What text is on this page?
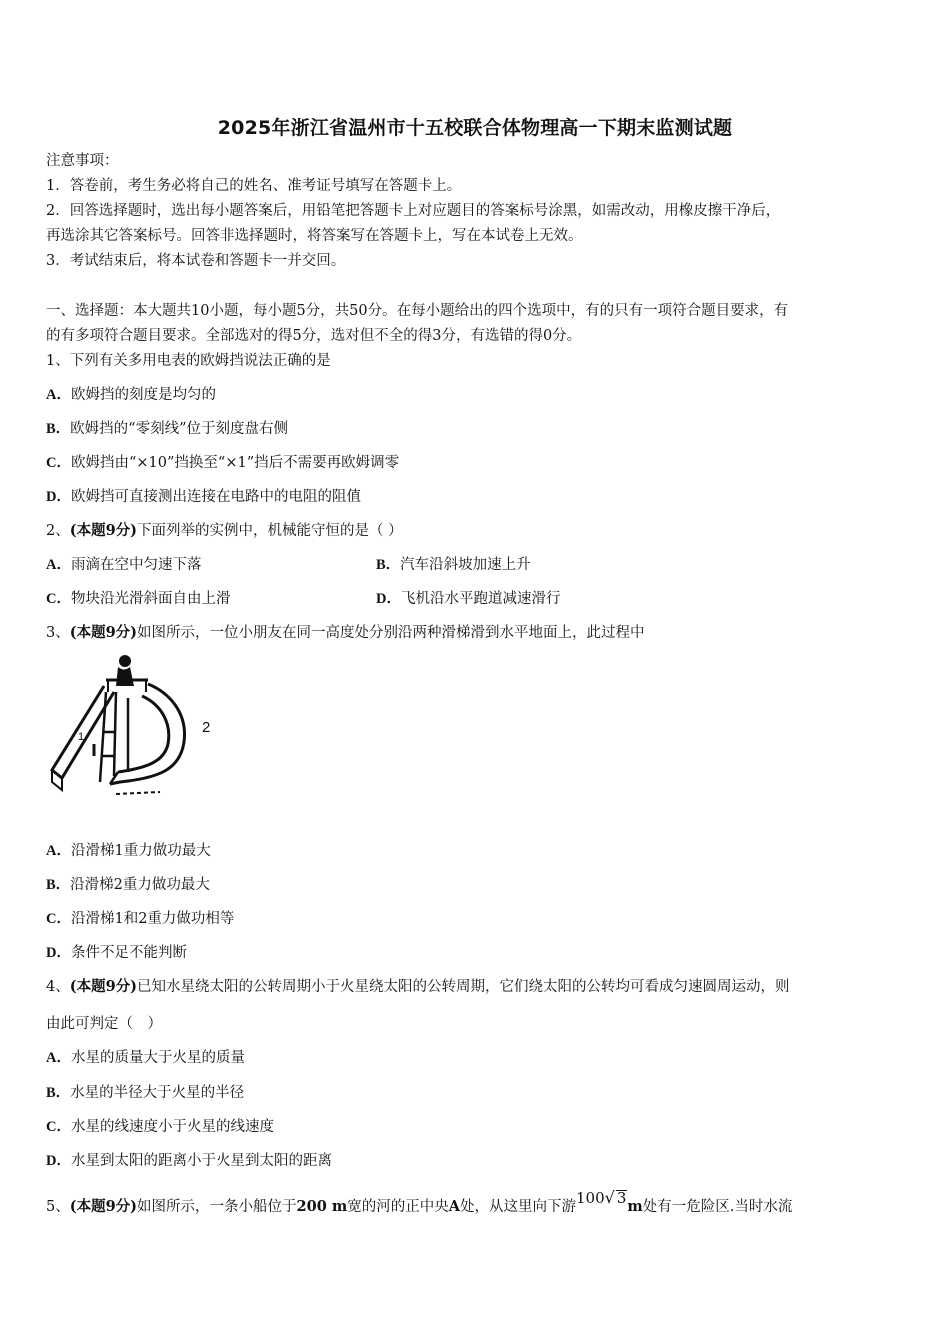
2025年浙江省温州市十五校联合体物理高一下期末监测试题
注意事项：
1．答卷前，考生务必将自己的姓名、准考证号填写在答题卡上。
2．回答选择题时，选出每小题答案后，用铅笔把答题卡上对应题目的答案标号涂黑，如需改动，用橡皮擦干净后，
再选涂其它答案标号。回答非选择题时，将答案写在答题卡上，写在本试卷上无效。
3．考试结束后，将本试卷和答题卡一并交回。
一、选择题：本大题共10小题，每小题5分，共50分。在每小题给出的四个选项中，有的只有一项符合题目要求，有
的有多项符合题目要求。全部选对的得5分，选对但不全的得3分，有选错的得0分。
1、下列有关多用电表的欧姆挡说法正确的是
A．欧姆挡的刻度是均匀的
B．欧姆挡的“零刻线”位于刻度盘右侧
C．欧姆挡由“×10”挡换至“×1”挡后不需要再欧姆调零
D．欧姆挡可直接测出连接在电路中的电阻的阻值
2、(本题9分)下面列举的实例中，机械能守恒的是（ ）
A．雨滴在空中匀速下落	B．汽车沿斜坡加速上升
C．物块沿光滑斜面自由上滑	D．飞机沿水平跑道减速滑行
3、(本题9分)如图所示，一位小朋友在同一高度处分别沿两种滑梯滑到水平地面上，此过程中
1
2
A．沿滑梯1重力做功最大
B．沿滑梯2重力做功最大
C．沿滑梯1和2重力做功相等
D．条件不足不能判断
4、(本题9分)已知水星绕太阳的公转周期小于火星绕太阳的公转周期，它们绕太阳的公转均可看成匀速圆周运动，则
由此可判定（　）
A．水星的质量大于火星的质量
B．水星的半径大于火星的半径
C．水星的线速度小于火星的线速度
D．水星到太阳的距离小于火星到太阳的距离
5、(本题9分)如图所示，一条小船位于200 m宽的河的正中央A处，从这里向下游100√ 3m处有一危险区.当时水流
